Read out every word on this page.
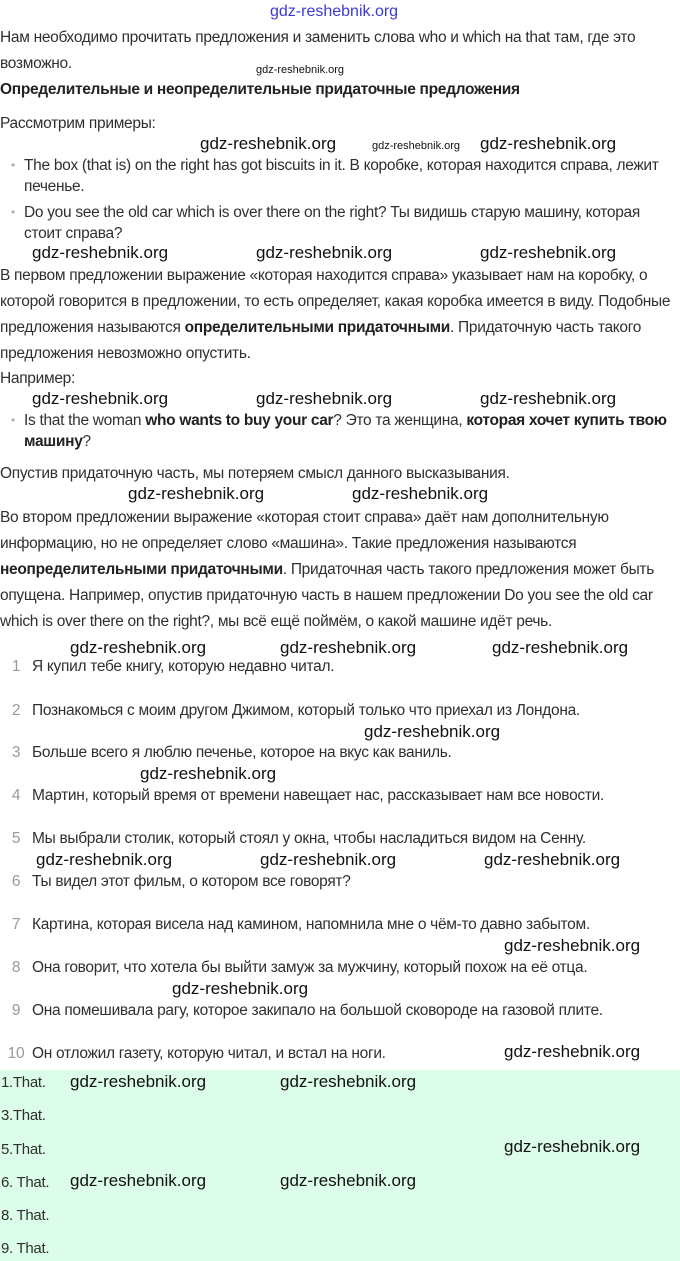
gdz-reshebnik.org
Нам необходимо прочитать предложения и заменить слова who и which на that там, где это возможно.
Определительные и неопределительные придаточные предложения
Рассмотрим примеры:
• The box (that is) on the right has got biscuits in it. В коробке, которая находится справа, лежит печенье.
• Do you see the old car which is over there on the right? Ты видишь старую машину, которая стоит справа?
В первом предложении выражение «которая находится справа» указывает нам на коробку, о которой говорится в предложении, то есть определяет, какая коробка имеется в виду. Подобные предложения называются определительными придаточными. Придаточную часть такого предложения невозможно опустить.
Например:
• Is that the woman who wants to buy your car? Это та женщина, которая хочет купить твою машину?
Опустив придаточную часть, мы потеряем смысл данного высказывания.
Во втором предложении выражение «которая стоит справа» даёт нам дополнительную информацию, но не определяет слово «машина». Такие предложения называются неопределительными придаточными. Придаточная часть такого предложения может быть опущена. Например, опустив придаточную часть в нашем предложении Do you see the old car which is over there on the right?, мы всё ещё поймём, о какой машине идёт речь.
1 Я купил тебе книгу, которую недавно читал.
2 Познакомься с моим другом Джимом, который только что приехал из Лондона.
3 Больше всего я люблю печенье, которое на вкус как ваниль.
4 Мартин, который время от времени навещает нас, рассказывает нам все новости.
5 Мы выбрали столик, который стоял у окна, чтобы насладиться видом на Сенну.
6 Ты видел этот фильм, о котором все говорят?
7 Картина, которая висела над камином, напомнила мне о чём-то давно забытом.
8 Она говорит, что хотела бы выйти замуж за мужчину, который похож на её отца.
9 Она помешивала рагу, которое закипало на большой сковороде на газовой плите.
10 Он отложил газету, которую читал, и встал на ноги.
1.That.
3.That.
5.That.
6. That.
8. That.
9. That.
gdz-reshebnik.org
gdz-reshebnik.org	gdz-reshebnik.org gdz-reshebnik.org
gdz-reshebnik.org	gdz-reshebnik.org	gdz-reshebnik.org
gdz-reshebnik.org	gdz-reshebnik.org	gdz-reshebnik.org
gdz-reshebnik.org	gdz-reshebnik.org
gdz-reshebnik.org
gdz-reshebnik.org	gdz-reshebnik.org
gdz-reshebnik.org
gdz-reshebnik.org
gdz-reshebnik.org
gdz-reshebnik.org	gdz-reshebnik.org
gdz-reshebnik.org
gdz-reshebnik.org
gdz-reshebnik.org
gdz-reshebnik.org	gdz-reshebnik.org
gdz-reshebnik.org
gdz-reshebnik.org	gdz-reshebnik.org
